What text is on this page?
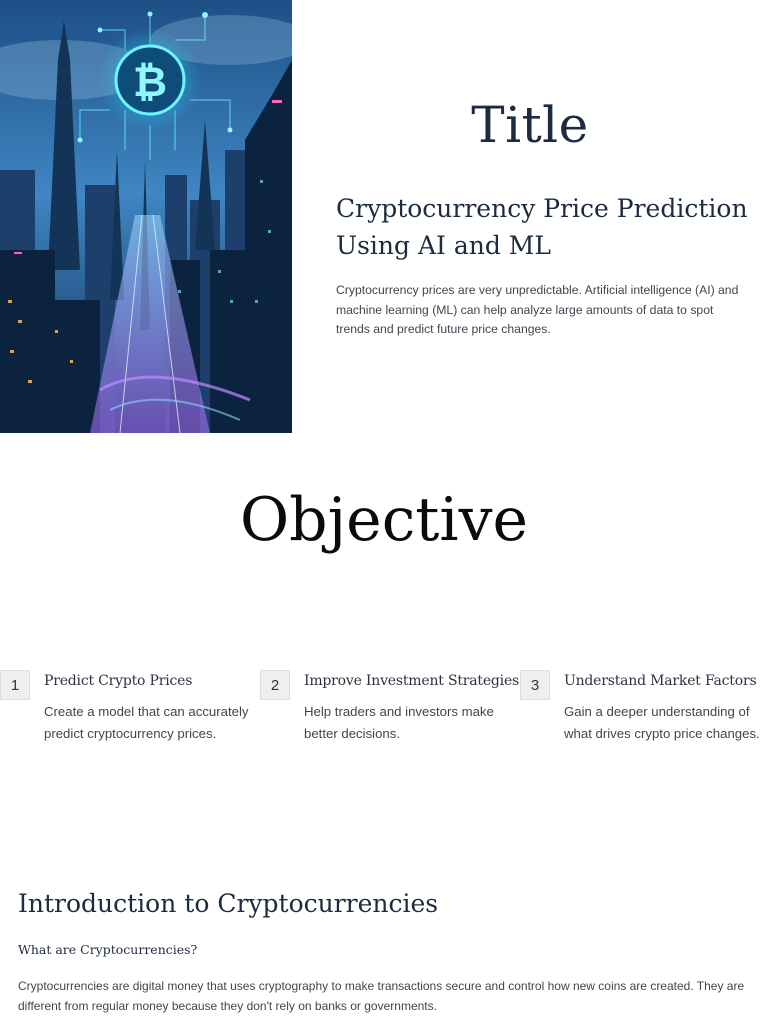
₿
Title
Cryptocurrency Price Prediction Using AI and ML
Cryptocurrency prices are very unpredictable. Artificial intelligence (AI) and machine learning (ML) can help analyze large amounts of data to spot trends and predict future price changes.
Objective
1	Predict Crypto Prices
Create a model that can accurately predict cryptocurrency prices.
2	Improve Investment Strategies
Help traders and investors make better decisions.
3	Understand Market Factors
Gain a deeper understanding of what drives crypto price changes.
Introduction to Cryptocurrencies
What are Cryptocurrencies?
Cryptocurrencies are digital money that uses cryptography to make transactions secure and control how new coins are created. They are different from regular money because they don't rely on banks or governments.
